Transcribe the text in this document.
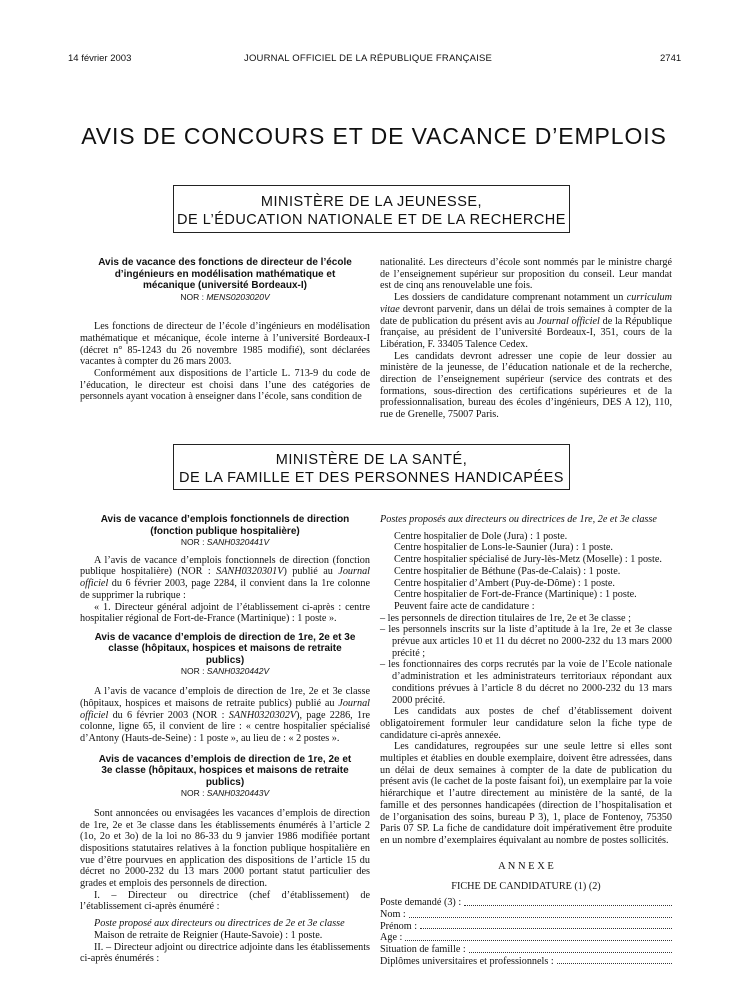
14 février 2003	JOURNAL OFFICIEL DE LA RÉPUBLIQUE FRANÇAISE	2741
AVIS DE CONCOURS ET DE VACANCE D’EMPLOIS
MINISTÈRE DE LA JEUNESSE,
DE L’ÉDUCATION NATIONALE ET DE LA RECHERCHE

Avis de vacance des fonctions de directeur de l’école d’ingénieurs en modélisation mathématique et mécanique (université Bordeaux-I)

NOR : MENS0203020V

Les fonctions de directeur de l’école d’ingénieurs en modélisation mathématique et mécanique, école interne à l’université Bordeaux-I (décret n° 85-1243 du 26 novembre 1985 modifié), sont déclarées vacantes à compter du 26 mars 2003.

Conformément aux dispositions de l’article L. 713-9 du code de l’éducation, le directeur est choisi dans l’une des catégories de personnels ayant vocation à enseigner dans l’école, sans condition de

nationalité. Les directeurs d’école sont nommés par le ministre chargé de l’enseignement supérieur sur proposition du conseil. Leur mandat est de cinq ans renouvelable une fois.

Les dossiers de candidature comprenant notamment un curriculum vitae devront parvenir, dans un délai de trois semaines à compter de la date de publication du présent avis au Journal officiel de la République française, au président de l’université Bordeaux-I, 351, cours de la Libération, F. 33405 Talence Cedex.

Les candidats devront adresser une copie de leur dossier au ministère de la jeunesse, de l’éducation nationale et de la recherche, direction de l’enseignement supérieur (service des contrats et des formations, sous-direction des certifications supérieures et de la professionnalisation, bureau des écoles d’ingénieurs, DES A 12), 110, rue de Grenelle, 75007 Paris.

MINISTÈRE DE LA SANTÉ,
DE LA FAMILLE ET DES PERSONNES HANDICAPÉES

Avis de vacance d’emplois fonctionnels de direction (fonction publique hospitalière)

NOR : SANH0320441V

A l’avis de vacance d’emplois fonctionnels de direction (fonction publique hospitalière) (NOR : SANH0320301V) publié au Journal officiel du 6 février 2003, page 2284, il convient dans la 1re colonne de supprimer la rubrique :

« 1. Directeur général adjoint de l’établissement ci-après : centre hospitalier régional de Fort-de-France (Martinique) : 1 poste ».

Avis de vacance d’emplois de direction de 1re, 2e et 3e classe (hôpitaux, hospices et maisons de retraite publics)

NOR : SANH0320442V

A l’avis de vacance d’emplois de direction de 1re, 2e et 3e classe (hôpitaux, hospices et maisons de retraite publics) publié au Journal officiel du 6 février 2003 (NOR : SANH0320302V), page 2286, 1re colonne, ligne 65, il convient de lire : « centre hospitalier spécialisé d’Antony (Hauts-de-Seine) : 1 poste », au lieu de : « 2 postes ».

Avis de vacances d’emplois de direction de 1re, 2e et 3e classe (hôpitaux, hospices et maisons de retraite publics)

NOR : SANH0320443V

Sont annoncées ou envisagées les vacances d’emplois de direction de 1re, 2e et 3e classe dans les établissements énumérés à l’article 2 (1o, 2o et 3o) de la loi no 86-33 du 9 janvier 1986 modifiée portant dispositions statutaires relatives à la fonction publique hospitalière en vue d’être pourvues en application des dispositions de l’article 15 du décret no 2000-232 du 13 mars 2000 portant statut particulier des grades et emplois des personnels de direction.

I. – Directeur ou directrice (chef d’établissement) de l’établissement ci-après énuméré :

Poste proposé aux directeurs ou directrices de 2e et 3e classe

Maison de retraite de Reignier (Haute-Savoie) : 1 poste.

II. – Directeur adjoint ou directrice adjointe dans les établissements ci-après énumérés :

Postes proposés aux directeurs ou directrices de 1re, 2e et 3e classe

Centre hospitalier de Dole (Jura) : 1 poste.

Centre hospitalier de Lons-le-Saunier (Jura) : 1 poste.

Centre hospitalier spécialisé de Jury-lès-Metz (Moselle) : 1 poste.

Centre hospitalier de Béthune (Pas-de-Calais) : 1 poste.

Centre hospitalier d’Ambert (Puy-de-Dôme) : 1 poste.

Centre hospitalier de Fort-de-France (Martinique) : 1 poste.

Peuvent faire acte de candidature :

– les personnels de direction titulaires de 1re, 2e et 3e classe ;

– les personnels inscrits sur la liste d’aptitude à la 1re, 2e et 3e classe prévue aux articles 10 et 11 du décret no 2000-232 du 13 mars 2000 précité ;

– les fonctionnaires des corps recrutés par la voie de l’Ecole nationale d’administration et les administrateurs territoriaux répondant aux conditions prévues à l’article 8 du décret no 2000-232 du 13 mars 2000 précité.

Les candidats aux postes de chef d’établissement doivent obligatoirement formuler leur candidature selon la fiche type de candidature ci-après annexée.

Les candidatures, regroupées sur une seule lettre si elles sont multiples et établies en double exemplaire, doivent être adressées, dans un délai de deux semaines à compter de la date de publication du présent avis (le cachet de la poste faisant foi), un exemplaire par la voie hiérarchique et l’autre directement au ministère de la santé, de la famille et des personnes handicapées (direction de l’hospitalisation et de l’organisation des soins, bureau P 3), 1, place de Fontenoy, 75350 Paris 07 SP. La fiche de candidature doit impérativement être produite en un nombre d’exemplaires équivalant au nombre de postes sollicités.

A N N E X E

FICHE DE CANDIDATURE (1) (2)

Poste demandé (3) :
Nom :
Prénom :
Age :
Situation de famille :
Diplômes universitaires et professionnels :
